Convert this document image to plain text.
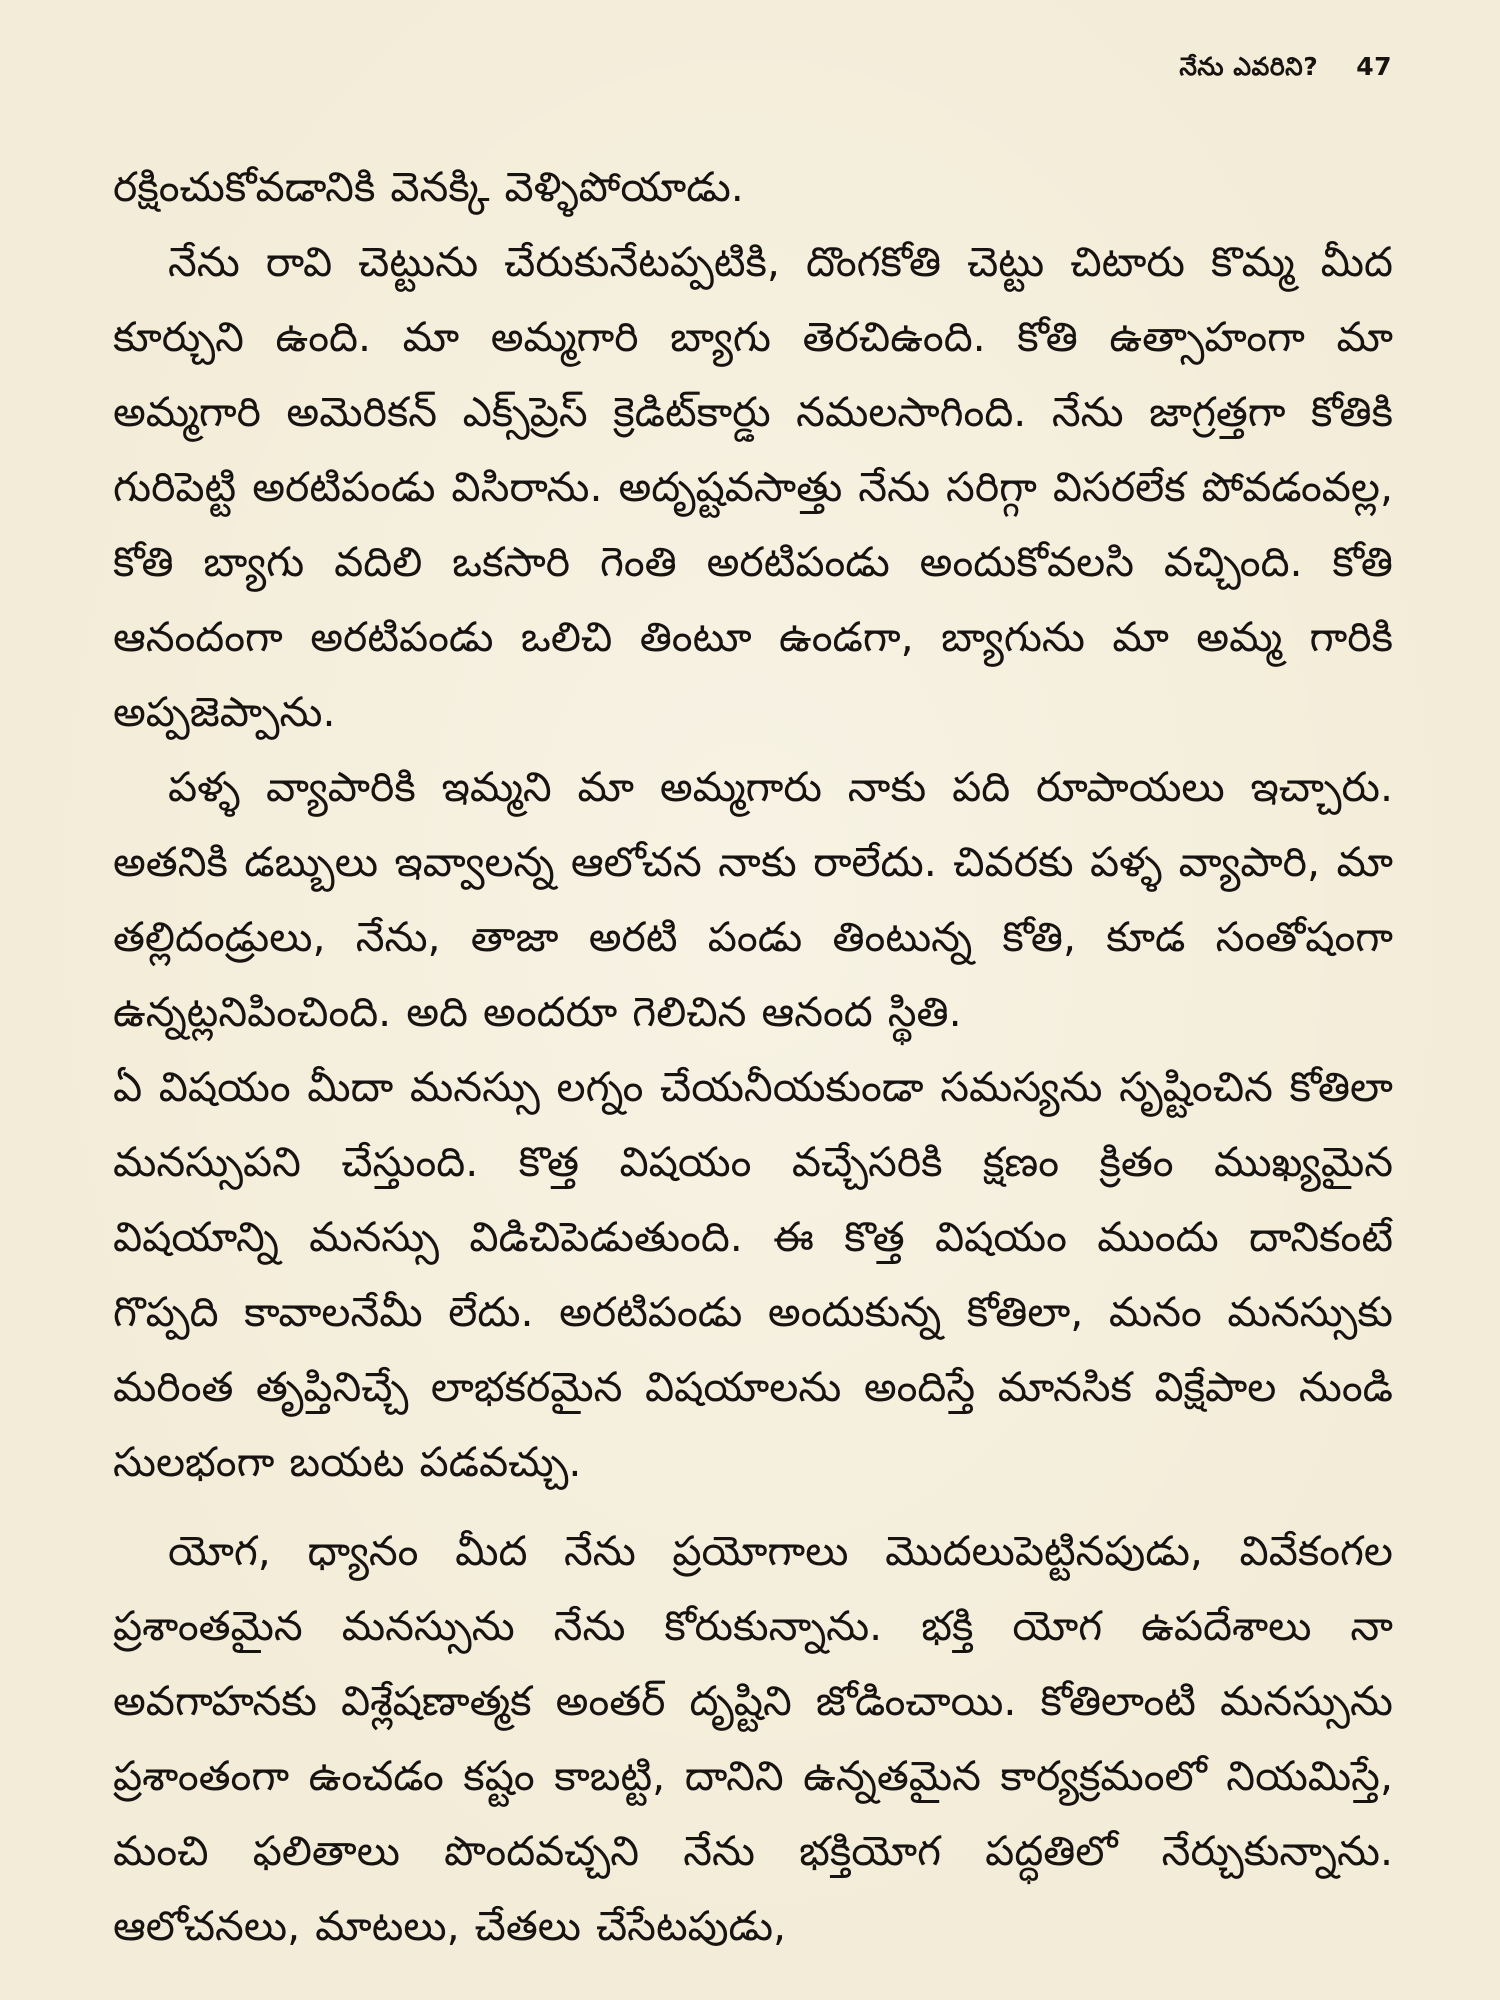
నేను ఎవరిని? 47

రక్షించుకోవడానికి వెనక్కి వెళ్ళిపోయాడు.

నేను రావి చెట్టును చేరుకునేటప్పటికి, దొంగకోతి చెట్టు చిటారు కొమ్మ మీద కూర్చుని ఉంది. మా అమ్మగారి బ్యాగు తెరచిఉంది. కోతి ఉత్సాహంగా మా అమ్మగారి అమెరికన్ ఎక్స్‌ప్రెస్ క్రెడిట్‌కార్డు నమలసాగింది. నేను జాగ్రత్తగా కోతికి గురిపెట్టి అరటిపండు విసిరాను. అదృష్టవసాత్తు నేను సరిగ్గా విసరలేక పోవడంవల్ల, కోతి బ్యాగు వదిలి ఒకసారి గెంతి అరటిపండు అందుకోవలసి వచ్చింది. కోతి ఆనందంగా అరటిపండు ఒలిచి తింటూ ఉండగా, బ్యాగును మా అమ్మ గారికి అప్పజెప్పాను.

పళ్ళ వ్యాపారికి ఇమ్మని మా అమ్మగారు నాకు పది రూపాయలు ఇచ్చారు. అతనికి డబ్బులు ఇవ్వాలన్న ఆలోచన నాకు రాలేదు. చివరకు పళ్ళ వ్యాపారి, మా తల్లిదండ్రులు, నేను, తాజా అరటి పండు తింటున్న కోతి, కూడ సంతోషంగా ఉన్నట్లనిపించింది. అది అందరూ గెలిచిన ఆనంద స్థితి.

ఏ విషయం మీదా మనస్సు లగ్నం చేయనీయకుండా సమస్యను సృష్టించిన కోతిలా మనస్సుపని చేస్తుంది. కొత్త విషయం వచ్చేసరికి క్షణం క్రితం ముఖ్యమైన విషయాన్ని మనస్సు విడిచిపెడుతుంది. ఈ కొత్త విషయం ముందు దానికంటే గొప్పది కావాలనేమీ లేదు. అరటిపండు అందుకున్న కోతిలా, మనం మనస్సుకు మరింత తృప్తినిచ్చే లాభకరమైన విషయాలను అందిస్తే మానసిక విక్షేపాల నుండి సులభంగా బయట పడవచ్చు.

యోగ, ధ్యానం మీద నేను ప్రయోగాలు మొదలుపెట్టినపుడు, వివేకంగల ప్రశాంతమైన మనస్సును నేను కోరుకున్నాను. భక్తి యోగ ఉపదేశాలు నా అవగాహనకు విశ్లేషణాత్మక అంతర్ దృష్టిని జోడించాయి. కోతిలాంటి మనస్సును ప్రశాంతంగా ఉంచడం కష్టం కాబట్టి, దానిని ఉన్నతమైన కార్యక్రమంలో నియమిస్తే, మంచి ఫలితాలు పొందవచ్చని నేను భక్తియోగ పద్ధతిలో నేర్చుకున్నాను. ఆలోచనలు, మాటలు, చేతలు చేసేటపుడు,
